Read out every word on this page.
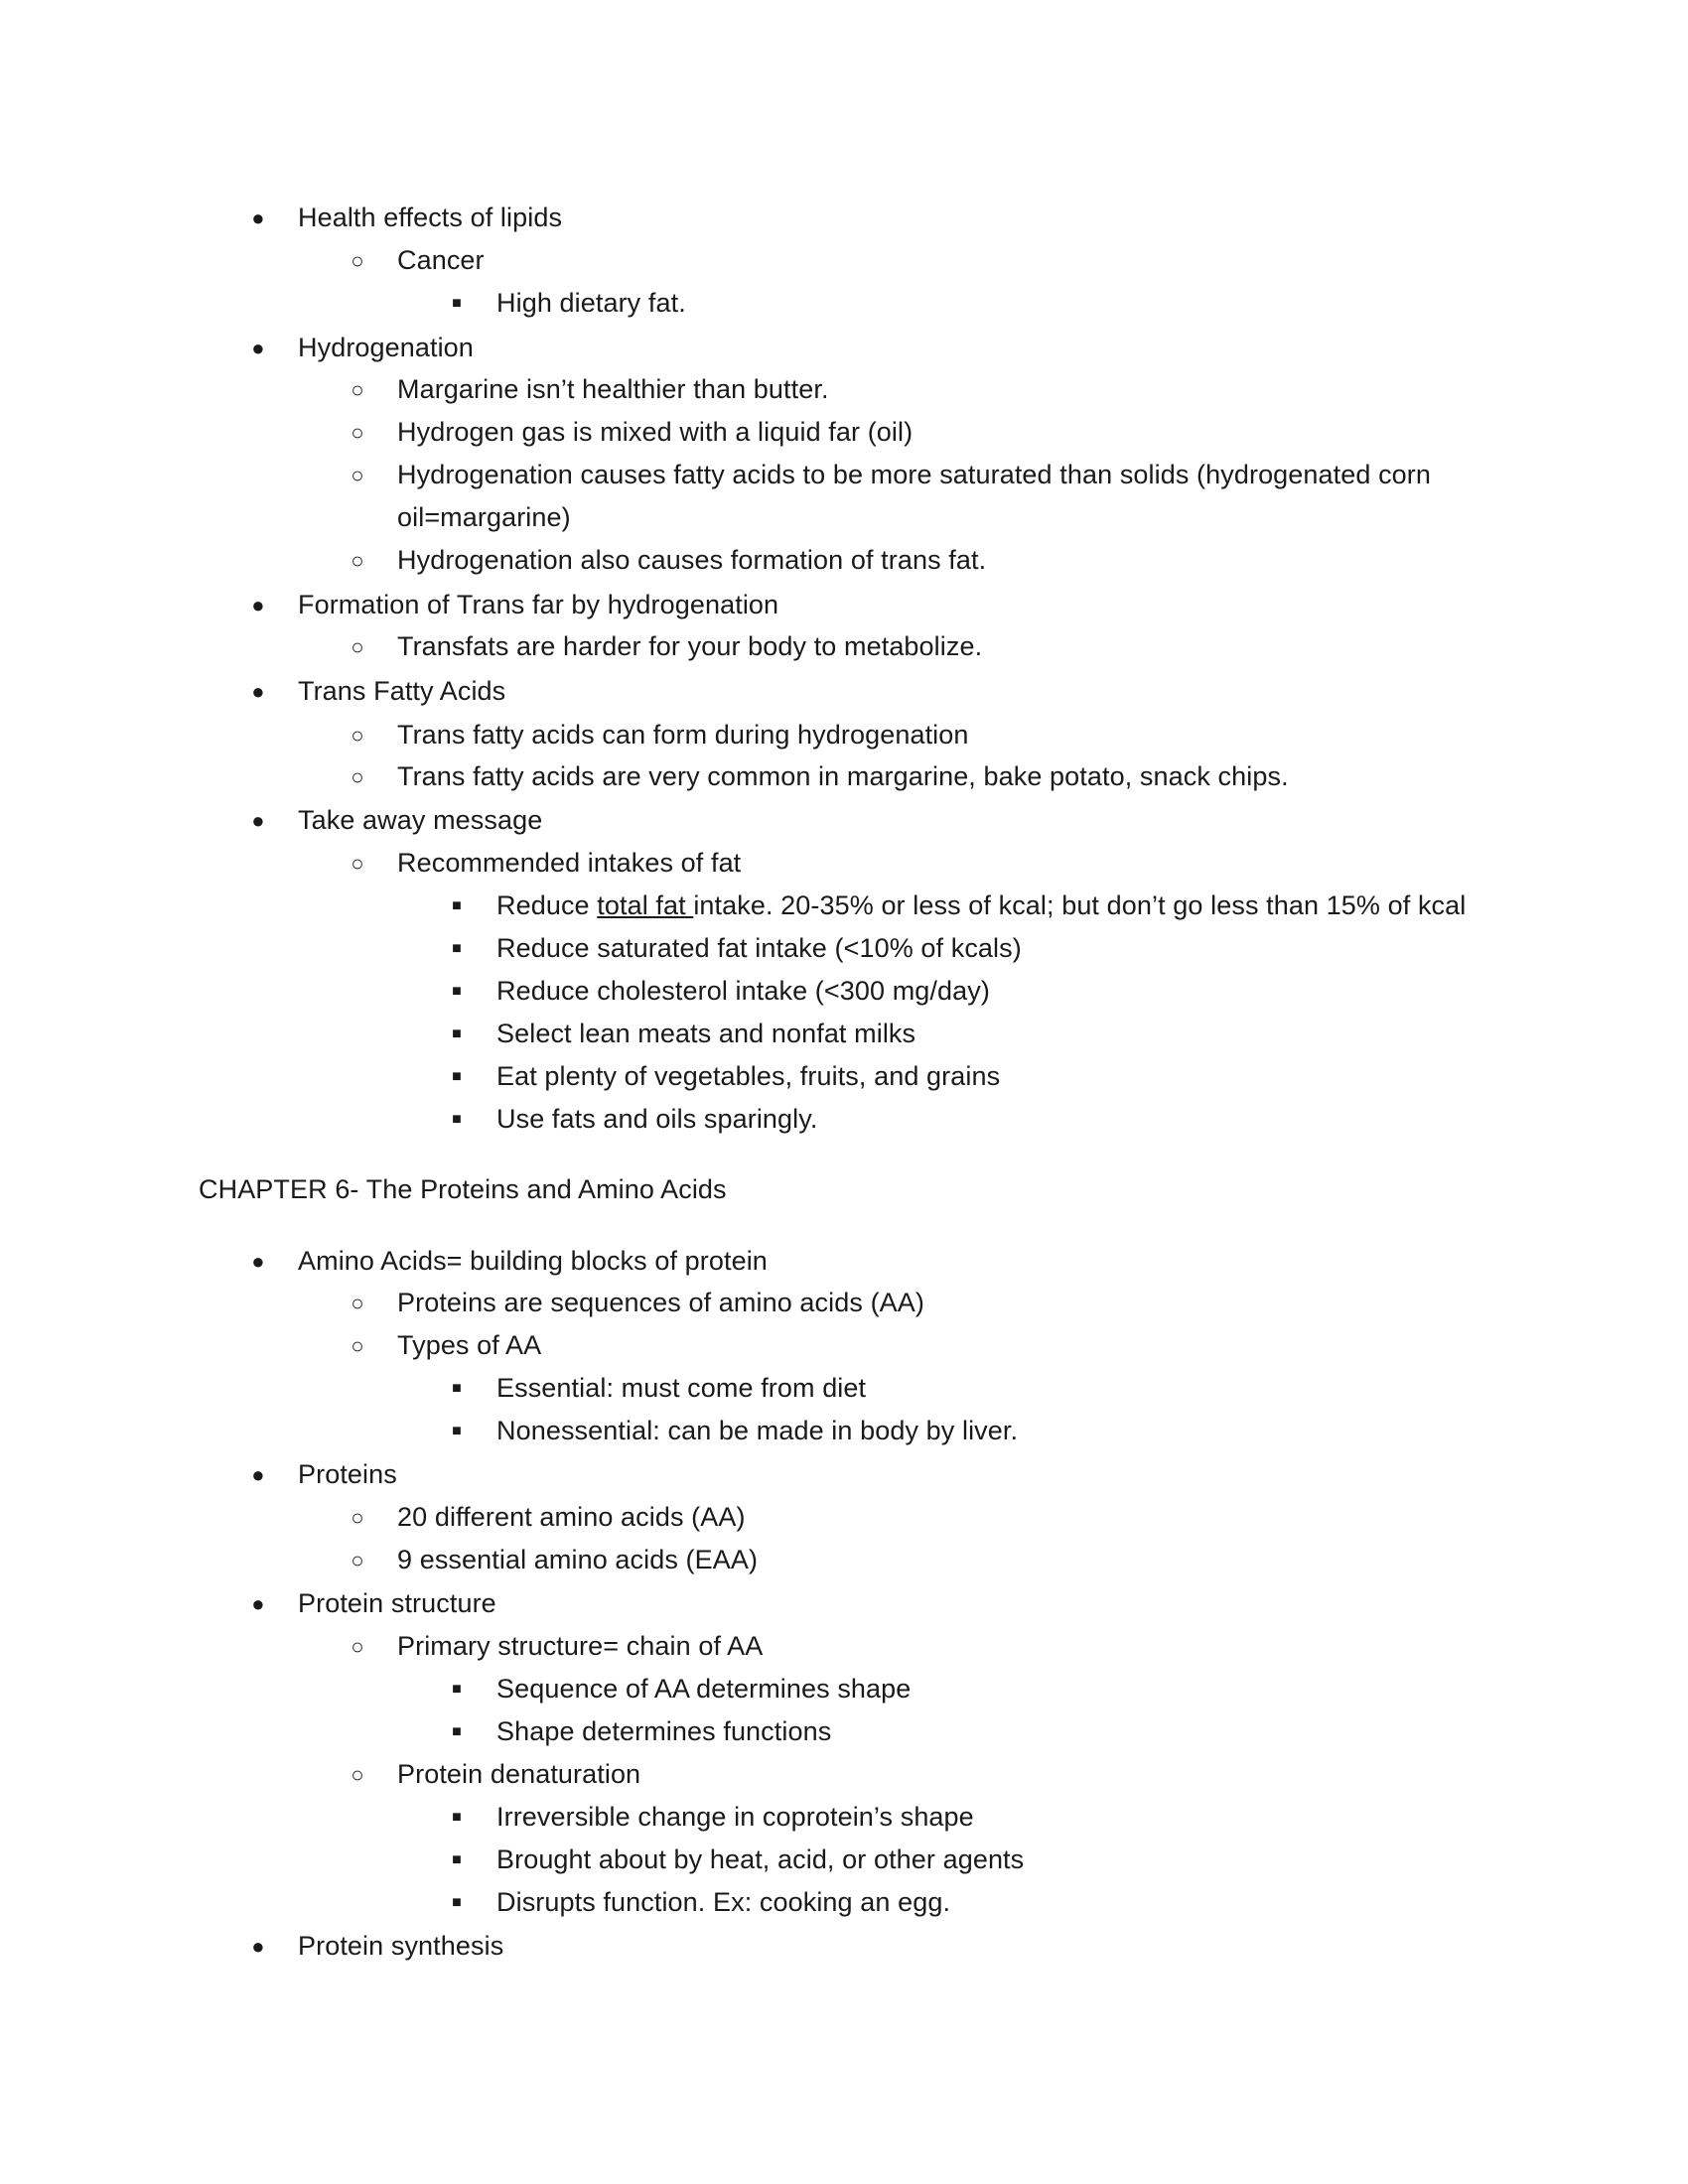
● Health effects of lipids
○ Cancer
■ High dietary fat.
● Hydrogenation
○ Margarine isn’t healthier than butter.
○ Hydrogen gas is mixed with a liquid far (oil)
○ Hydrogenation causes fatty acids to be more saturated than solids (hydrogenated corn
oil=margarine)
○ Hydrogenation also causes formation of trans fat.
● Formation of Trans far by hydrogenation
○ Transfats are harder for your body to metabolize.
● Trans Fatty Acids
○ Trans fatty acids can form during hydrogenation
○ Trans fatty acids are very common in margarine, bake potato, snack chips.
● Take away message
○ Recommended intakes of fat
■ Reduce total fat intake. 20-35% or less of kcal; but don’t go less than 15% of kcal
■ Reduce saturated fat intake (<10% of kcals)
■ Reduce cholesterol intake (<300 mg/day)
■ Select lean meats and nonfat milks
■ Eat plenty of vegetables, fruits, and grains
■ Use fats and oils sparingly.
CHAPTER 6- The Proteins and Amino Acids
● Amino Acids= building blocks of protein
○ Proteins are sequences of amino acids (AA)
○ Types of AA
■ Essential: must come from diet
■ Nonessential: can be made in body by liver.
● Proteins
○ 20 different amino acids (AA)
○ 9 essential amino acids (EAA)
● Protein structure
○ Primary structure= chain of AA
■ Sequence of AA determines shape
■ Shape determines functions
○ Protein denaturation
■ Irreversible change in coprotein’s shape
■ Brought about by heat, acid, or other agents
■ Disrupts function. Ex: cooking an egg.
● Protein synthesis
